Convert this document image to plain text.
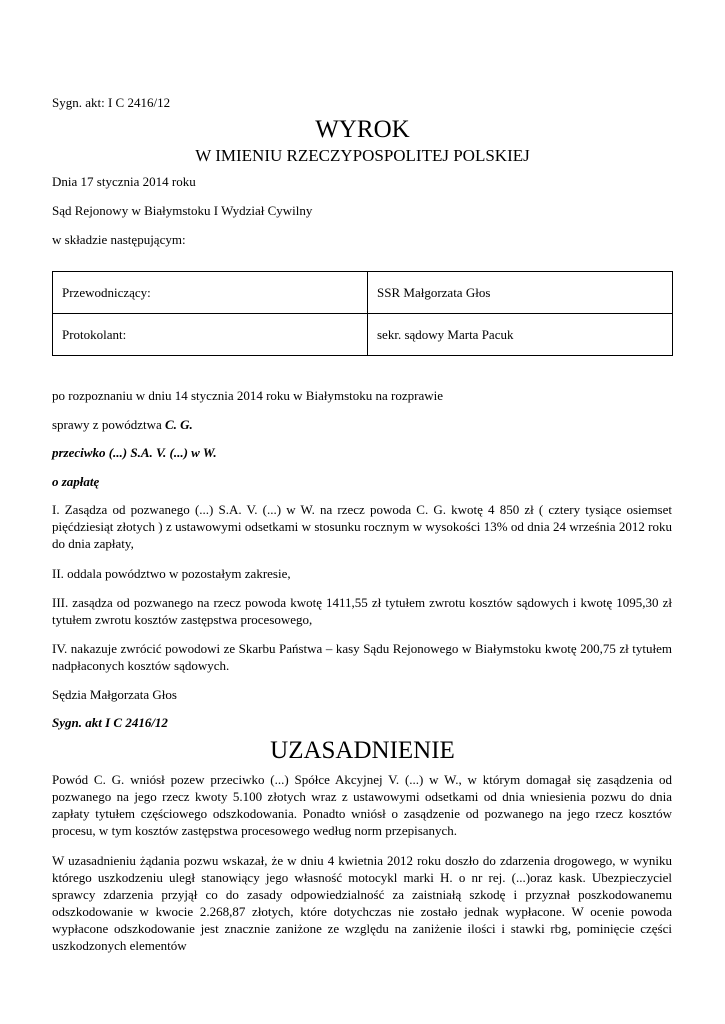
Sygn. akt: I C 2416/12
WYROK
W IMIENIU RZECZYPOSPOLITEJ POLSKIEJ
Dnia 17 stycznia 2014 roku
Sąd Rejonowy w Białymstoku I Wydział Cywilny
w składzie następującym:
Przewodniczący:	SSR Małgorzata Głos
Protokolant:	sekr. sądowy Marta Pacuk
po rozpoznaniu w dniu 14 stycznia 2014 roku w Białymstoku na rozprawie
sprawy z powództwa C. G.
przeciwko (...) S.A. V. (...) w W.
o zapłatę
I. Zasądza od pozwanego (...) S.A. V. (...) w W. na rzecz powoda C. G. kwotę 4 850 zł ( cztery tysiące osiemset pięćdziesiąt złotych ) z ustawowymi odsetkami w stosunku rocznym w wysokości 13% od dnia 24 września 2012 roku do dnia zapłaty,
II. oddala powództwo w pozostałym zakresie,
III. zasądza od pozwanego na rzecz powoda kwotę 1411,55 zł tytułem zwrotu kosztów sądowych i kwotę 1095,30 zł tytułem zwrotu kosztów zastępstwa procesowego,
IV. nakazuje zwrócić powodowi ze Skarbu Państwa – kasy Sądu Rejonowego w Białymstoku kwotę 200,75 zł tytułem nadpłaconych kosztów sądowych.
Sędzia Małgorzata Głos
Sygn. akt I C 2416/12
UZASADNIENIE
Powód C. G. wniósł pozew przeciwko (...) Spółce Akcyjnej V. (...) w W., w którym domagał się zasądzenia od pozwanego na jego rzecz kwoty 5.100 złotych wraz z ustawowymi odsetkami od dnia wniesienia pozwu do dnia zapłaty tytułem częściowego odszkodowania. Ponadto wniósł o zasądzenie od pozwanego na jego rzecz kosztów procesu, w tym kosztów zastępstwa procesowego według norm przepisanych.
W uzasadnieniu żądania pozwu wskazał, że w dniu 4 kwietnia 2012 roku doszło do zdarzenia drogowego, w wyniku którego uszkodzeniu uległ stanowiący jego własność motocykl marki H. o nr rej. (...)oraz kask. Ubezpieczyciel sprawcy zdarzenia przyjął co do zasady odpowiedzialność za zaistniałą szkodę i przyznał poszkodowanemu odszkodowanie w kwocie 2.268,87 złotych, które dotychczas nie zostało jednak wypłacone. W ocenie powoda wypłacone odszkodowanie jest znacznie zaniżone ze względu na zaniżenie ilości i stawki rbg, pominięcie części uszkodzonych elementów
